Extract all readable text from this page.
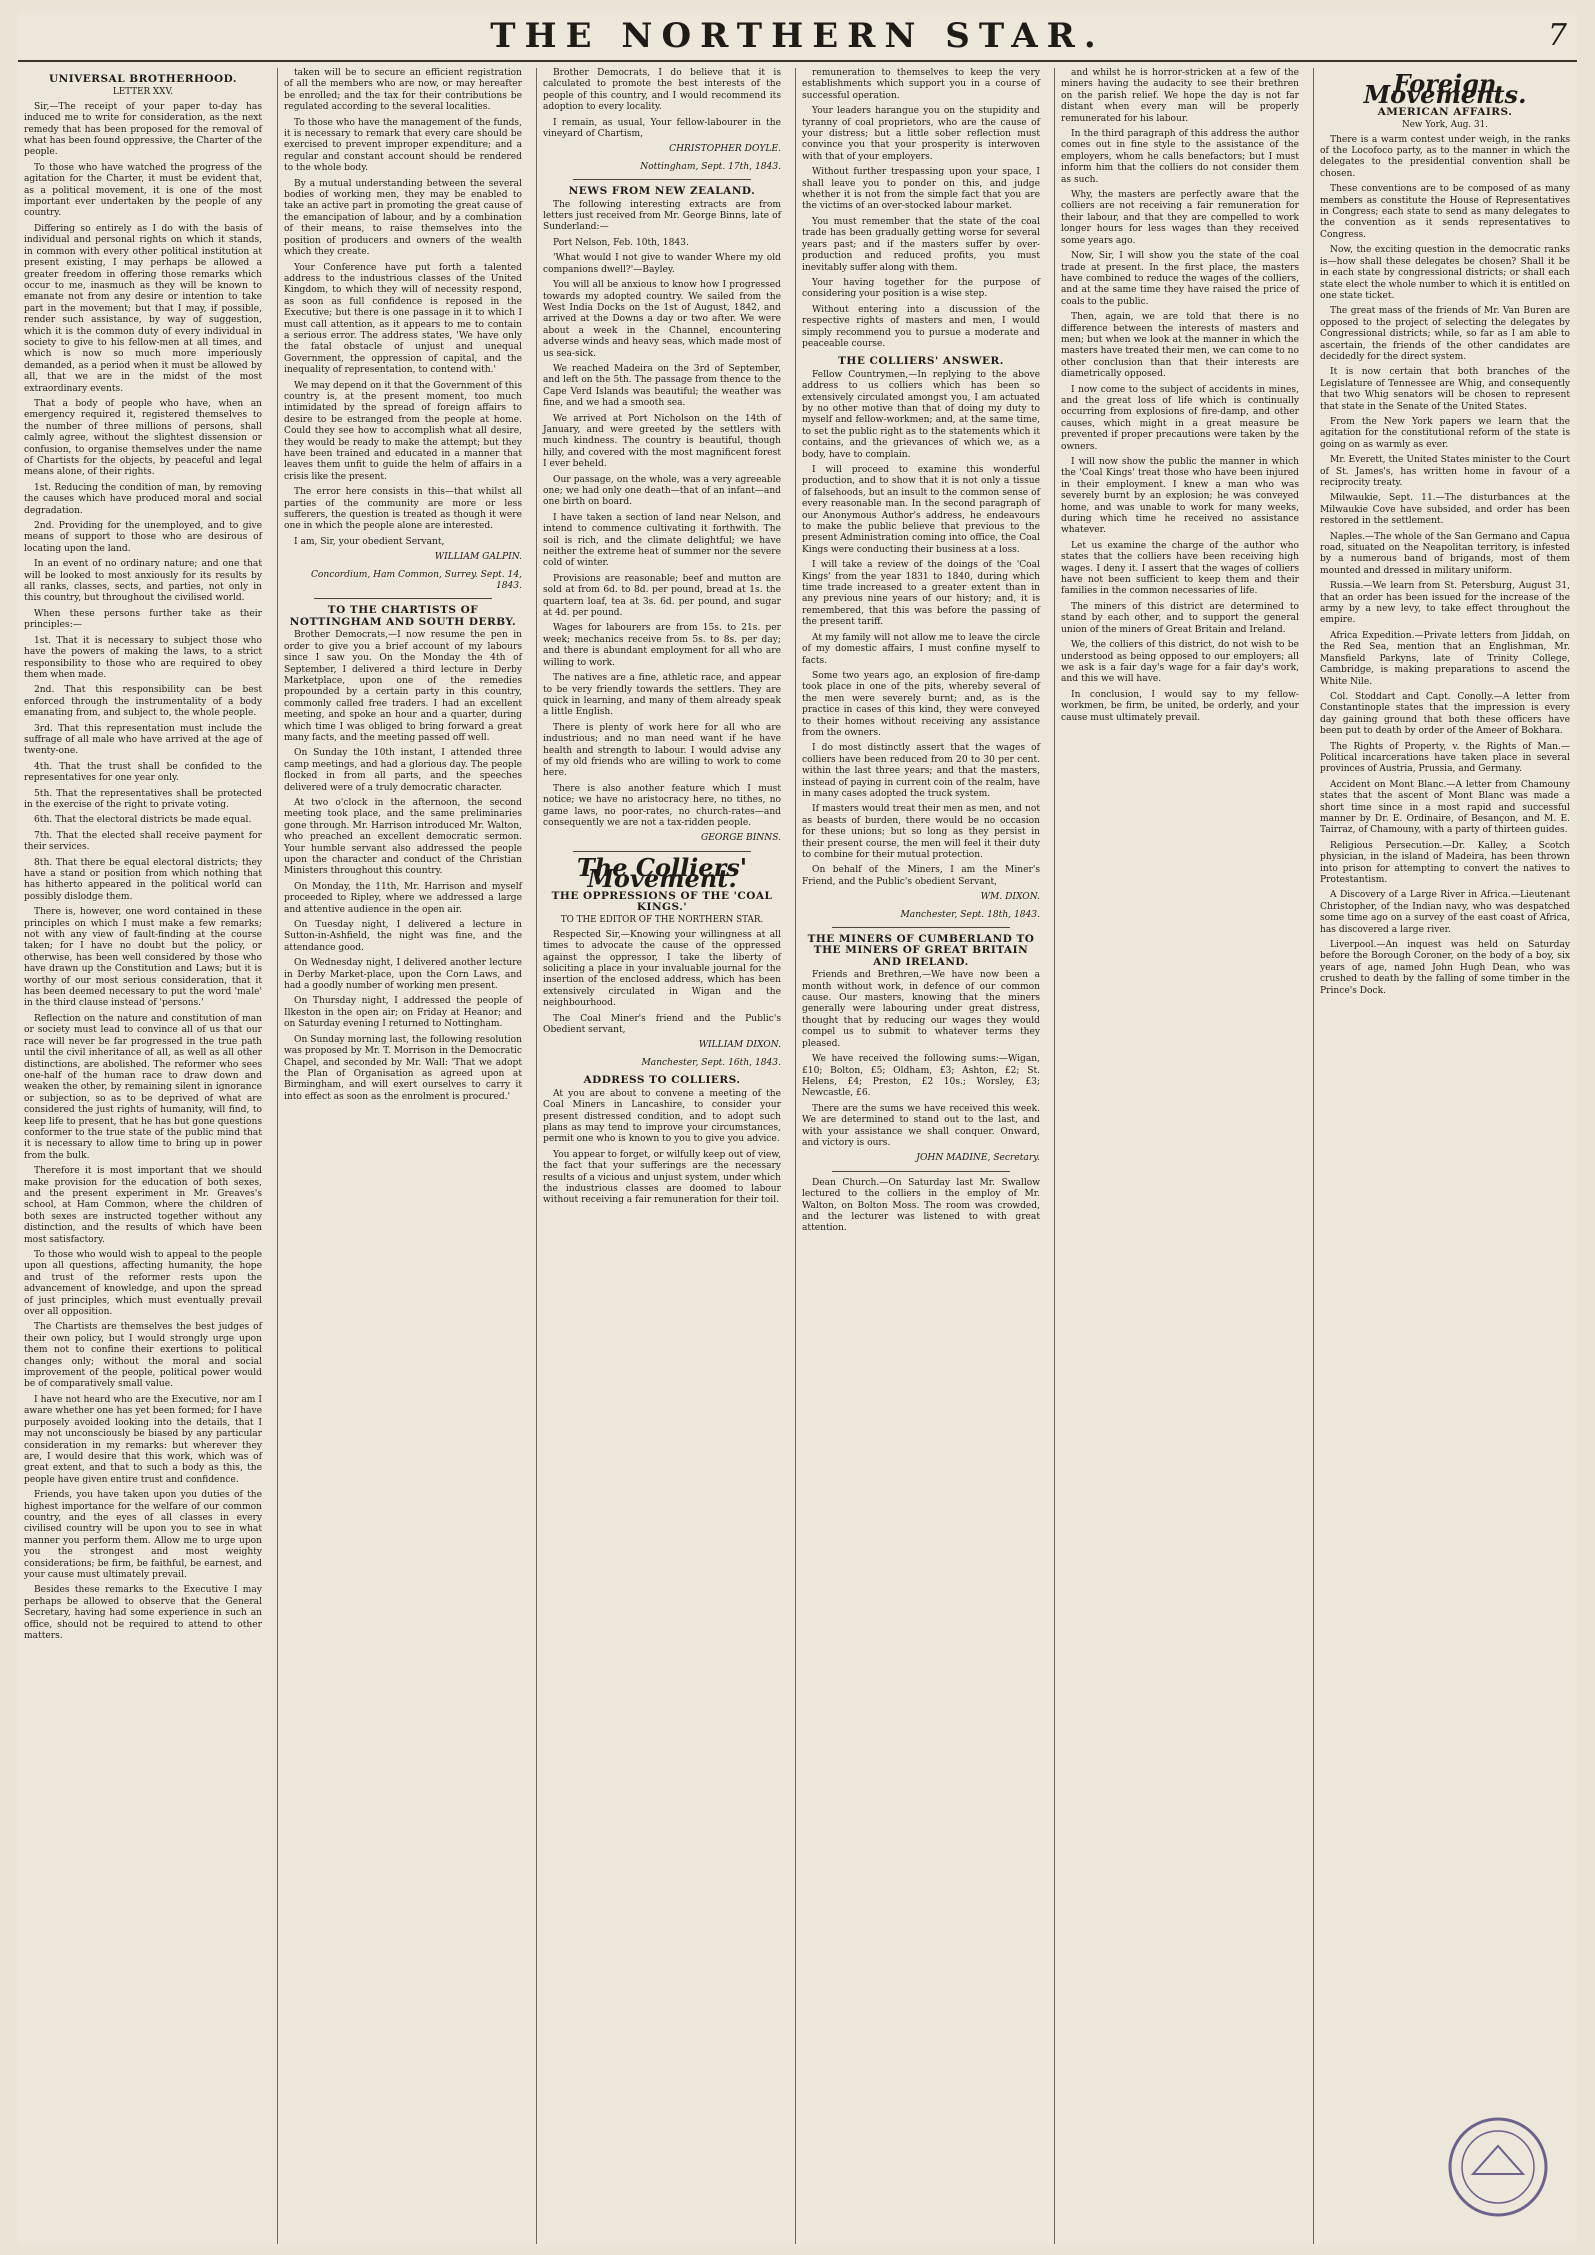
THE NORTHERN STAR.	7
UNIVERSAL BROTHERHOOD.
LETTER XXV.

Sir,—The receipt of your paper to-day has induced me to write for consideration, as the next remedy that has been proposed for the removal of what has been found oppressive, the Charter of the people.

To those who have watched the progress of the agitation for the Charter, it must be evident that, as a political movement, it is one of the most important ever undertaken by the people of any country.

Differing so entirely as I do with the basis of individual and personal rights on which it stands, in common with every other political institution at present existing, I may perhaps be allowed a greater freedom in offering those remarks which occur to me, inasmuch as they will be known to emanate not from any desire or intention to take part in the movement; but that I may, if possible, render such assistance, by way of suggestion, which it is the common duty of every individual in society to give to his fellow-men at all times, and which is now so much more imperiously demanded, as a period when it must be allowed by all, that we are in the midst of the most extraordinary events.

That a body of people who have, when an emergency required it, registered themselves to the number of three millions of persons, shall calmly agree, without the slightest dissension or confusion, to organise themselves under the name of Chartists for the objects, by peaceful and legal means alone, of their rights.

1st. Reducing the condition of man, by removing the causes which have produced moral and social degradation.

2nd. Providing for the unemployed, and to give means of support to those who are desirous of locating upon the land.

In an event of no ordinary nature; and one that will be looked to most anxiously for its results by all ranks, classes, sects, and parties, not only in this country, but throughout the civilised world.

When these persons further take as their principles:—

1st. That it is necessary to subject those who have the powers of making the laws, to a strict responsibility to those who are required to obey them when made.

2nd. That this responsibility can be best enforced through the instrumentality of a body emanating from, and subject to, the whole people.

3rd. That this representation must include the suffrage of all male who have arrived at the age of twenty-one.

4th. That the trust shall be confided to the representatives for one year only.

5th. That the representatives shall be protected in the exercise of the right to private voting.

6th. That the electoral districts be made equal.

7th. That the elected shall receive payment for their services.

8th. That there be equal electoral districts; they have a stand or position from which nothing that has hitherto appeared in the political world can possibly dislodge them.

There is, however, one word contained in these principles on which I must make a few remarks; not with any view of fault-finding at the course taken; for I have no doubt but the policy, or otherwise, has been well considered by those who have drawn up the Constitution and Laws; but it is worthy of our most serious consideration, that it has been deemed necessary to put the word 'male' in the third clause instead of 'persons.'

Reflection on the nature and constitution of man or society must lead to convince all of us that our race will never be far progressed in the true path until the civil inheritance of all, as well as all other distinctions, are abolished. The reformer who sees one-half of the human race to draw down and weaken the other, by remaining silent in ignorance or subjection, so as to be deprived of what are considered the just rights of humanity, will find, to keep life to present, that he has but gone questions conformer to the true state of the public mind that it is necessary to allow time to bring up in power from the bulk.

Therefore it is most important that we should make provision for the education of both sexes, and the present experiment in Mr. Greaves's school, at Ham Common, where the children of both sexes are instructed together without any distinction, and the results of which have been most satisfactory.

To those who would wish to appeal to the people upon all questions, affecting humanity, the hope and trust of the reformer rests upon the advancement of knowledge, and upon the spread of just principles, which must eventually prevail over all opposition.

The Chartists are themselves the best judges of their own policy, but I would strongly urge upon them not to confine their exertions to political changes only; without the moral and social improvement of the people, political power would be of comparatively small value.

I have not heard who are the Executive, nor am I aware whether one has yet been formed; for I have purposely avoided looking into the details, that I may not unconsciously be biased by any particular consideration in my remarks: but wherever they are, I would desire that this work, which was of great extent, and that to such a body as this, the people have given entire trust and confidence.

Friends, you have taken upon you duties of the highest importance for the welfare of our common country, and the eyes of all classes in every civilised country will be upon you to see in what manner you perform them. Allow me to urge upon you the strongest and most weighty considerations; be firm, be faithful, be earnest, and your cause must ultimately prevail.

Besides these remarks to the Executive I may perhaps be allowed to observe that the General Secretary, having had some experience in such an office, should not be required to attend to other matters.

taken will be to secure an efficient registration of all the members who are now, or may hereafter be enrolled; and the tax for their contributions be regulated according to the several localities.

To those who have the management of the funds, it is necessary to remark that every care should be exercised to prevent improper expenditure; and a regular and constant account should be rendered to the whole body.

By a mutual understanding between the several bodies of working men, they may be enabled to take an active part in promoting the great cause of the emancipation of labour, and by a combination of their means, to raise themselves into the position of producers and owners of the wealth which they create.

Your Conference have put forth a talented address to the industrious classes of the United Kingdom, to which they will of necessity respond, as soon as full confidence is reposed in the Executive; but there is one passage in it to which I must call attention, as it appears to me to contain a serious error. The address states, 'We have only the fatal obstacle of unjust and unequal Government, the oppression of capital, and the inequality of representation, to contend with.'

We may depend on it that the Government of this country is, at the present moment, too much intimidated by the spread of foreign affairs to desire to be estranged from the people at home. Could they see how to accomplish what all desire, they would be ready to make the attempt; but they have been trained and educated in a manner that leaves them unfit to guide the helm of affairs in a crisis like the present.

The error here consists in this—that whilst all parties of the community are more or less sufferers, the question is treated as though it were one in which the people alone are interested.

I am, Sir, your obedient Servant,

WILLIAM GALPIN.
Concordium, Ham Common, Surrey. Sept. 14, 1843.
TO THE CHARTISTS OF NOTTINGHAM AND SOUTH DERBY.

Brother Democrats,—I now resume the pen in order to give you a brief account of my labours since I saw you. On the Monday the 4th of September, I delivered a third lecture in Derby Marketplace, upon one of the remedies propounded by a certain party in this country, commonly called free traders. I had an excellent meeting, and spoke an hour and a quarter, during which time I was obliged to bring forward a great many facts, and the meeting passed off well.

On Sunday the 10th instant, I attended three camp meetings, and had a glorious day. The people flocked in from all parts, and the speeches delivered were of a truly democratic character.

At two o'clock in the afternoon, the second meeting took place, and the same preliminaries gone through. Mr. Harrison introduced Mr. Walton, who preached an excellent democratic sermon. Your humble servant also addressed the people upon the character and conduct of the Christian Ministers throughout this country.

On Monday, the 11th, Mr. Harrison and myself proceeded to Ripley, where we addressed a large and attentive audience in the open air.

On Tuesday night, I delivered a lecture in Sutton-in-Ashfield, the night was fine, and the attendance good.

On Wednesday night, I delivered another lecture in Derby Market-place, upon the Corn Laws, and had a goodly number of working men present.

On Thursday night, I addressed the people of Ilkeston in the open air; on Friday at Heanor; and on Saturday evening I returned to Nottingham.

On Sunday morning last, the following resolution was proposed by Mr. T. Morrison in the Democratic Chapel, and seconded by Mr. Wall: 'That we adopt the Plan of Organisation as agreed upon at Birmingham, and will exert ourselves to carry it into effect as soon as the enrolment is procured.'

Brother Democrats, I do believe that it is calculated to promote the best interests of the people of this country, and I would recommend its adoption to every locality.

I remain, as usual, Your fellow-labourer in the vineyard of Chartism,

CHRISTOPHER DOYLE.
Nottingham, Sept. 17th, 1843.
NEWS FROM NEW ZEALAND.

The following interesting extracts are from letters just received from Mr. George Binns, late of Sunderland:—

Port Nelson, Feb. 10th, 1843.

'What would I not give to wander Where my old companions dwell?'—Bayley.

You will all be anxious to know how I progressed towards my adopted country. We sailed from the West India Docks on the 1st of August, 1842, and arrived at the Downs a day or two after. We were about a week in the Channel, encountering adverse winds and heavy seas, which made most of us sea-sick.

We reached Madeira on the 3rd of September, and left on the 5th. The passage from thence to the Cape Verd Islands was beautiful; the weather was fine, and we had a smooth sea.

We arrived at Port Nicholson on the 14th of January, and were greeted by the settlers with much kindness. The country is beautiful, though hilly, and covered with the most magnificent forest I ever beheld.

Our passage, on the whole, was a very agreeable one; we had only one death—that of an infant—and one birth on board.

I have taken a section of land near Nelson, and intend to commence cultivating it forthwith. The soil is rich, and the climate delightful; we have neither the extreme heat of summer nor the severe cold of winter.

Provisions are reasonable; beef and mutton are sold at from 6d. to 8d. per pound, bread at 1s. the quartern loaf, tea at 3s. 6d. per pound, and sugar at 4d. per pound.

Wages for labourers are from 15s. to 21s. per week; mechanics receive from 5s. to 8s. per day; and there is abundant employment for all who are willing to work.

The natives are a fine, athletic race, and appear to be very friendly towards the settlers. They are quick in learning, and many of them already speak a little English.

There is plenty of work here for all who are industrious; and no man need want if he have health and strength to labour. I would advise any of my old friends who are willing to work to come here.

There is also another feature which I must notice; we have no aristocracy here, no tithes, no game laws, no poor-rates, no church-rates—and consequently we are not a tax-ridden people.

GEORGE BINNS.
The Colliers' Movement.
THE OPPRESSIONS OF THE 'COAL KINGS.'
TO THE EDITOR OF THE NORTHERN STAR.

Respected Sir,—Knowing your willingness at all times to advocate the cause of the oppressed against the oppressor, I take the liberty of soliciting a place in your invaluable journal for the insertion of the enclosed address, which has been extensively circulated in Wigan and the neighbourhood.

The Coal Miner's friend and the Public's Obedient servant,

WILLIAM DIXON.
Manchester, Sept. 16th, 1843.
ADDRESS TO COLLIERS.

At you are about to convene a meeting of the Coal Miners in Lancashire, to consider your present distressed condition, and to adopt such plans as may tend to improve your circumstances, permit one who is known to you to give you advice.

You appear to forget, or wilfully keep out of view, the fact that your sufferings are the necessary results of a vicious and unjust system, under which the industrious classes are doomed to labour without receiving a fair remuneration for their toil.

remuneration to themselves to keep the very establishments which support you in a course of successful operation.

Your leaders harangue you on the stupidity and tyranny of coal proprietors, who are the cause of your distress; but a little sober reflection must convince you that your prosperity is interwoven with that of your employers.

Without further trespassing upon your space, I shall leave you to ponder on this, and judge whether it is not from the simple fact that you are the victims of an over-stocked labour market.

You must remember that the state of the coal trade has been gradually getting worse for several years past; and if the masters suffer by over-production and reduced profits, you must inevitably suffer along with them.

Your having together for the purpose of considering your position is a wise step.

Without entering into a discussion of the respective rights of masters and men, I would simply recommend you to pursue a moderate and peaceable course.

THE COLLIERS' ANSWER.

Fellow Countrymen,—In replying to the above address to us colliers which has been so extensively circulated amongst you, I am actuated by no other motive than that of doing my duty to myself and fellow-workmen; and, at the same time, to set the public right as to the statements which it contains, and the grievances of which we, as a body, have to complain.

I will proceed to examine this wonderful production, and to show that it is not only a tissue of falsehoods, but an insult to the common sense of every reasonable man. In the second paragraph of our Anonymous Author's address, he endeavours to make the public believe that previous to the present Administration coming into office, the Coal Kings were conducting their business at a loss.

I will take a review of the doings of the 'Coal Kings' from the year 1831 to 1840, during which time trade increased to a greater extent than in any previous nine years of our history; and, it is remembered, that this was before the passing of the present tariff.

At my family will not allow me to leave the circle of my domestic affairs, I must confine myself to facts.

Some two years ago, an explosion of fire-damp took place in one of the pits, whereby several of the men were severely burnt; and, as is the practice in cases of this kind, they were conveyed to their homes without receiving any assistance from the owners.

I do most distinctly assert that the wages of colliers have been reduced from 20 to 30 per cent. within the last three years; and that the masters, instead of paying in current coin of the realm, have in many cases adopted the truck system.

If masters would treat their men as men, and not as beasts of burden, there would be no occasion for these unions; but so long as they persist in their present course, the men will feel it their duty to combine for their mutual protection.

On behalf of the Miners, I am the Miner's Friend, and the Public's obedient Servant,

WM. DIXON.
Manchester, Sept. 18th, 1843.
THE MINERS OF CUMBERLAND TO THE MINERS OF GREAT BRITAIN AND IRELAND.

Friends and Brethren,—We have now been a month without work, in defence of our common cause. Our masters, knowing that the miners generally were labouring under great distress, thought that by reducing our wages they would compel us to submit to whatever terms they pleased.

We have received the following sums:—Wigan, £10; Bolton, £5; Oldham, £3; Ashton, £2; St. Helens, £4; Preston, £2 10s.; Worsley, £3; Newcastle, £6.

There are the sums we have received this week. We are determined to stand out to the last, and with your assistance we shall conquer. Onward, and victory is ours.

JOHN MADINE, Secretary.

Dean Church.—On Saturday last Mr. Swallow lectured to the colliers in the employ of Mr. Walton, on Bolton Moss. The room was crowded, and the lecturer was listened to with great attention.

and whilst he is horror-stricken at a few of the miners having the audacity to see their brethren on the parish relief. We hope the day is not far distant when every man will be properly remunerated for his labour.

In the third paragraph of this address the author comes out in fine style to the assistance of the employers, whom he calls benefactors; but I must inform him that the colliers do not consider them as such.

Why, the masters are perfectly aware that the colliers are not receiving a fair remuneration for their labour, and that they are compelled to work longer hours for less wages than they received some years ago.

Now, Sir, I will show you the state of the coal trade at present. In the first place, the masters have combined to reduce the wages of the colliers, and at the same time they have raised the price of coals to the public.

Then, again, we are told that there is no difference between the interests of masters and men; but when we look at the manner in which the masters have treated their men, we can come to no other conclusion than that their interests are diametrically opposed.

I now come to the subject of accidents in mines, and the great loss of life which is continually occurring from explosions of fire-damp, and other causes, which might in a great measure be prevented if proper precautions were taken by the owners.

I will now show the public the manner in which the 'Coal Kings' treat those who have been injured in their employment. I knew a man who was severely burnt by an explosion; he was conveyed home, and was unable to work for many weeks, during which time he received no assistance whatever.

Let us examine the charge of the author who states that the colliers have been receiving high wages. I deny it. I assert that the wages of colliers have not been sufficient to keep them and their families in the common necessaries of life.

The miners of this district are determined to stand by each other, and to support the general union of the miners of Great Britain and Ireland.

We, the colliers of this district, do not wish to be understood as being opposed to our employers; all we ask is a fair day's wage for a fair day's work, and this we will have.

In conclusion, I would say to my fellow-workmen, be firm, be united, be orderly, and your cause must ultimately prevail.

Foreign Movements.
AMERICAN AFFAIRS.
New York, Aug. 31.

There is a warm contest under weigh, in the ranks of the Locofoco party, as to the manner in which the delegates to the presidential convention shall be chosen.

These conventions are to be composed of as many members as constitute the House of Representatives in Congress; each state to send as many delegates to the convention as it sends representatives to Congress.

Now, the exciting question in the democratic ranks is—how shall these delegates be chosen? Shall it be in each state by congressional districts; or shall each state elect the whole number to which it is entitled on one state ticket.

The great mass of the friends of Mr. Van Buren are opposed to the project of selecting the delegates by Congressional districts; while, so far as I am able to ascertain, the friends of the other candidates are decidedly for the direct system.

It is now certain that both branches of the Legislature of Tennessee are Whig, and consequently that two Whig senators will be chosen to represent that state in the Senate of the United States.

From the New York papers we learn that the agitation for the constitutional reform of the state is going on as warmly as ever.

Mr. Everett, the United States minister to the Court of St. James's, has written home in favour of a reciprocity treaty.

Milwaukie, Sept. 11.—The disturbances at the Milwaukie Cove have subsided, and order has been restored in the settlement.

Naples.—The whole of the San Germano and Capua road, situated on the Neapolitan territory, is infested by a numerous band of brigands, most of them mounted and dressed in military uniform.

Russia.—We learn from St. Petersburg, August 31, that an order has been issued for the increase of the army by a new levy, to take effect throughout the empire.

Africa Expedition.—Private letters from Jiddah, on the Red Sea, mention that an Englishman, Mr. Mansfield Parkyns, late of Trinity College, Cambridge, is making preparations to ascend the White Nile.

Col. Stoddart and Capt. Conolly.—A letter from Constantinople states that the impression is every day gaining ground that both these officers have been put to death by order of the Ameer of Bokhara.

The Rights of Property, v. the Rights of Man.—Political incarcerations have taken place in several provinces of Austria, Prussia, and Germany.

Accident on Mont Blanc.—A letter from Chamouny states that the ascent of Mont Blanc was made a short time since in a most rapid and successful manner by Dr. E. Ordinaire, of Besançon, and M. E. Tairraz, of Chamouny, with a party of thirteen guides.

Religious Persecution.—Dr. Kalley, a Scotch physician, in the island of Madeira, has been thrown into prison for attempting to convert the natives to Protestantism.

A Discovery of a Large River in Africa.—Lieutenant Christopher, of the Indian navy, who was despatched some time ago on a survey of the east coast of Africa, has discovered a large river.

Liverpool.—An inquest was held on Saturday before the Borough Coroner, on the body of a boy, six years of age, named John Hugh Dean, who was crushed to death by the falling of some timber in the Prince's Dock.
